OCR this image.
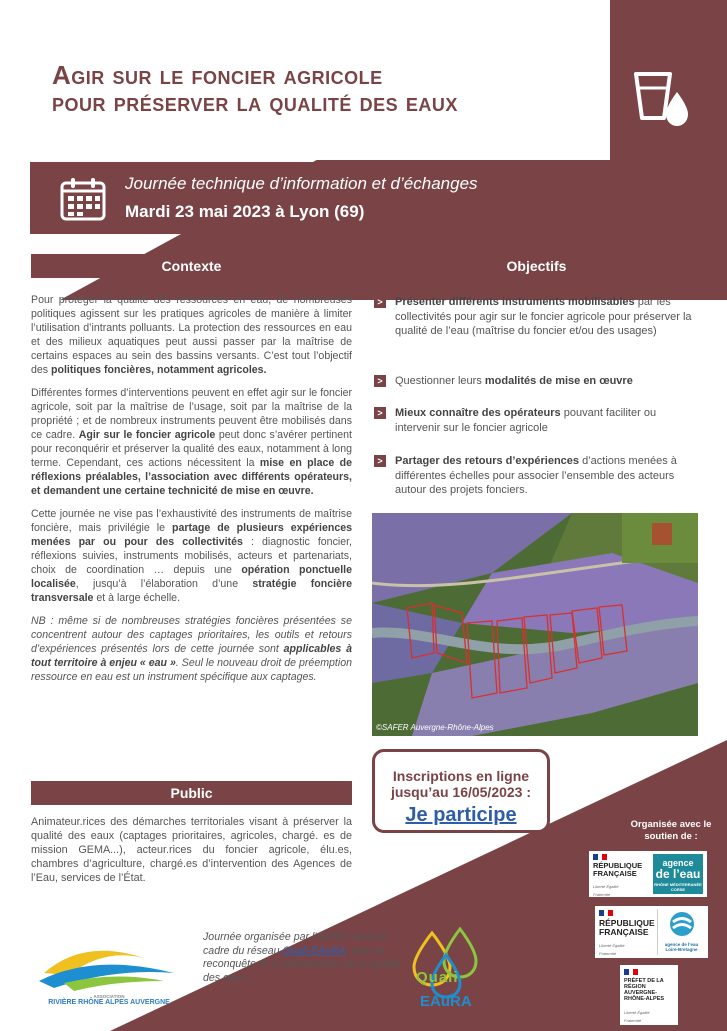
Agir sur le foncier agricole
pour préserver la qualité des eaux
Journée technique d’information et d’échanges
Mardi 23 mai 2023 à Lyon (69)
Contexte

Pour protéger la qualité des ressources en eau, de nombreuses politiques agissent sur les pratiques agricoles de manière à limiter l’utilisation d’intrants polluants. La protection des ressources en eau et des milieux aquatiques peut aussi passer par la maîtrise de certains espaces au sein des bassins versants. C’est tout l’objectif des politiques foncières, notamment agricoles.

Différentes formes d’interventions peuvent en effet agir sur le foncier agricole, soit par la maîtrise de l’usage, soit par la maîtrise de la propriété ; et de nombreux instruments peuvent être mobilisés dans ce cadre. Agir sur le foncier agricole peut donc s’avérer pertinent pour reconquérir et préserver la qualité des eaux, notamment à long terme. Cependant, ces actions nécessitent la mise en place de réflexions préalables, l’association avec différents opérateurs, et demandent une certaine technicité de mise en œuvre.

Cette journée ne vise pas l’exhaustivité des instruments de maîtrise foncière, mais privilégie le partage de plusieurs expériences menées par ou pour des collectivités : diagnostic foncier, réflexions suivies, instruments mobilisés, acteurs et partenariats, choix de coordination … depuis une opération ponctuelle localisée, jusqu’à l’élaboration d’une stratégie foncière transversale et à large échelle.

NB : même si de nombreuses stratégies foncières présentées se concentrent autour des captages prioritaires, les outils et retours d’expériences présentés lors de cette journée sont applicables à tout territoire à enjeu « eau ». Seul le nouveau droit de préemption ressource en eau est un instrument spécifique aux captages.

Objectifs
>	Présenter différents instruments mobilisables par les collectivités pour agir sur le foncier agricole pour préserver la qualité de l’eau (maîtrise du foncier et/ou des usages)
>	Questionner leurs modalités de mise en œuvre
>	Mieux connaître des opérateurs pouvant faciliter ou intervenir sur le foncier agricole
>	Partager des retours d’expériences d’actions menées à différentes échelles pour associer l’ensemble des acteurs autour des projets fonciers.
©SAFER Auvergne-Rhône-Alpes
Inscriptions en ligne
jusqu’au 16/05/2023 :
Je participe
Public
Animateur.rices des démarches territoriales visant à préserver la qualité des eaux (captages prioritaires, agricoles, chargé. es de mission GEMA...), acteur.rices du foncier agricole, élu.es, chambres d’agriculture, chargé.es d’intervention des Agences de l’Eau, services de l’État.
Organisée avec le soutien de :
RÉPUBLIQUE FRANÇAISE
Liberté Égalité Fraternité
agence
de l’eau
RHÔNE MÉDITERRANÉE CORSE
RÉPUBLIQUE FRANÇAISE
Liberté Égalité Fraternité
agence de l’eau Loire-Bretagne
PRÉFET DE LA RÉGION AUVERGNE-RHÔNE-ALPES
Liberté Égalité Fraternité
ASSOCIATION
RIVIÈRE RHÔNE ALPES AUVERGNE
Journée organisée par l’ARRA² dans le cadre du réseau Quali-EAuRA, pour la reconquête et la préservation de la qualité des eaux.	Quali
EAuRA
